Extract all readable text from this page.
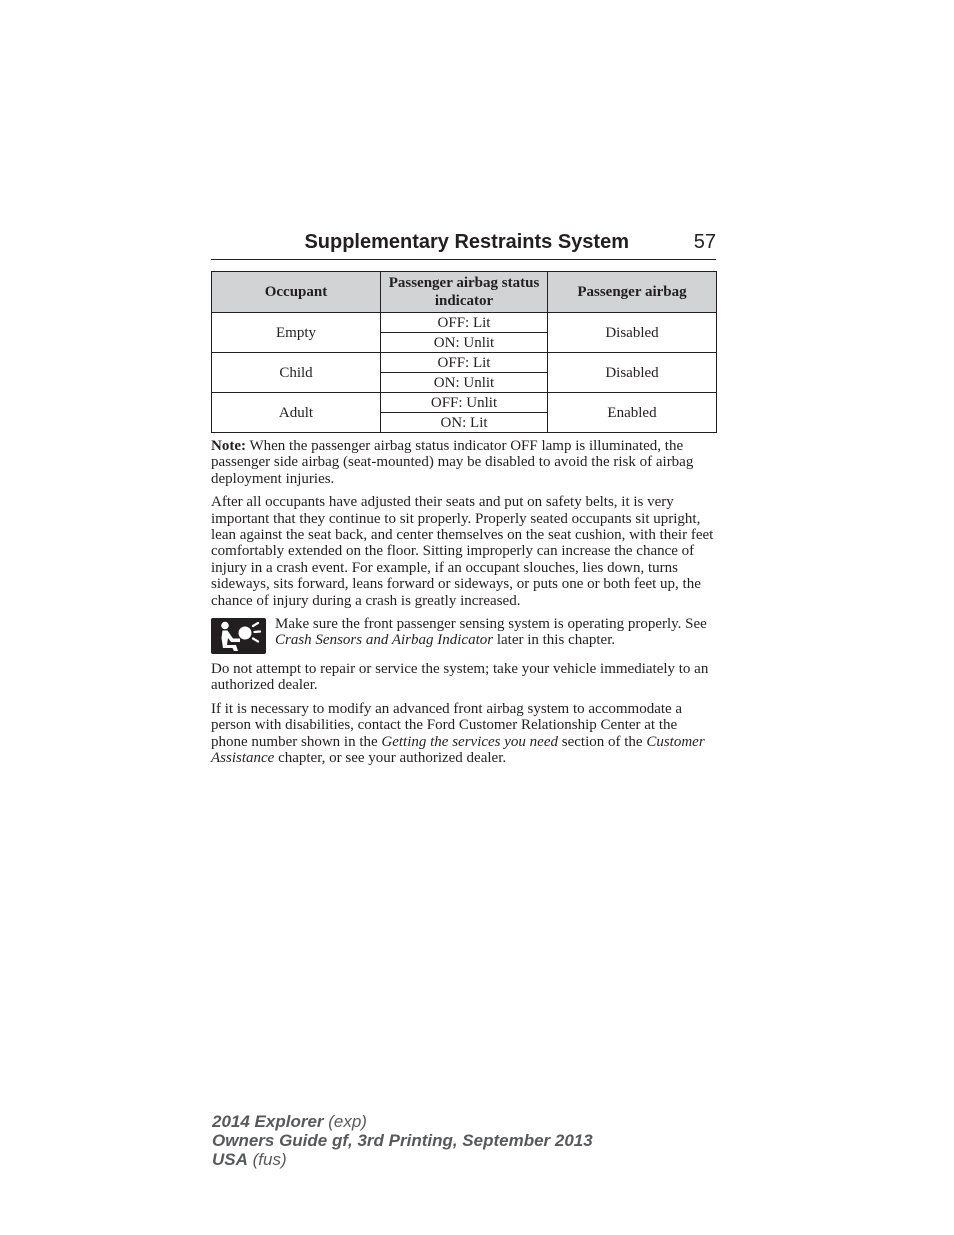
Supplementary Restraints System	57
Occupant	Passenger airbag status indicator	Passenger airbag
Empty	OFF: Lit	Disabled
	ON: Unlit	
Child	OFF: Lit	Disabled
	ON: Unlit	
Adult	OFF: Unlit	Enabled
	ON: Lit	

Note: When the passenger airbag status indicator OFF lamp is illuminated, the passenger side airbag (seat-mounted) may be disabled to avoid the risk of airbag deployment injuries.

After all occupants have adjusted their seats and put on safety belts, it is very important that they continue to sit properly. Properly seated occupants sit upright, lean against the seat back, and center themselves on the seat cushion, with their feet comfortably extended on the floor. Sitting improperly can increase the chance of injury in a crash event. For example, if an occupant slouches, lies down, turns sideways, sits forward, leans forward or sideways, or puts one or both feet up, the chance of injury during a crash is greatly increased.

Make sure the front passenger sensing system is operating properly. See Crash Sensors and Airbag Indicator later in this chapter.

Do not attempt to repair or service the system; take your vehicle immediately to an authorized dealer.

If it is necessary to modify an advanced front airbag system to accommodate a person with disabilities, contact the Ford Customer Relationship Center at the phone number shown in the Getting the services you need section of the Customer Assistance chapter, or see your authorized dealer.

2014 Explorer (exp)
Owners Guide gf, 3rd Printing, September 2013
USA (fus)
